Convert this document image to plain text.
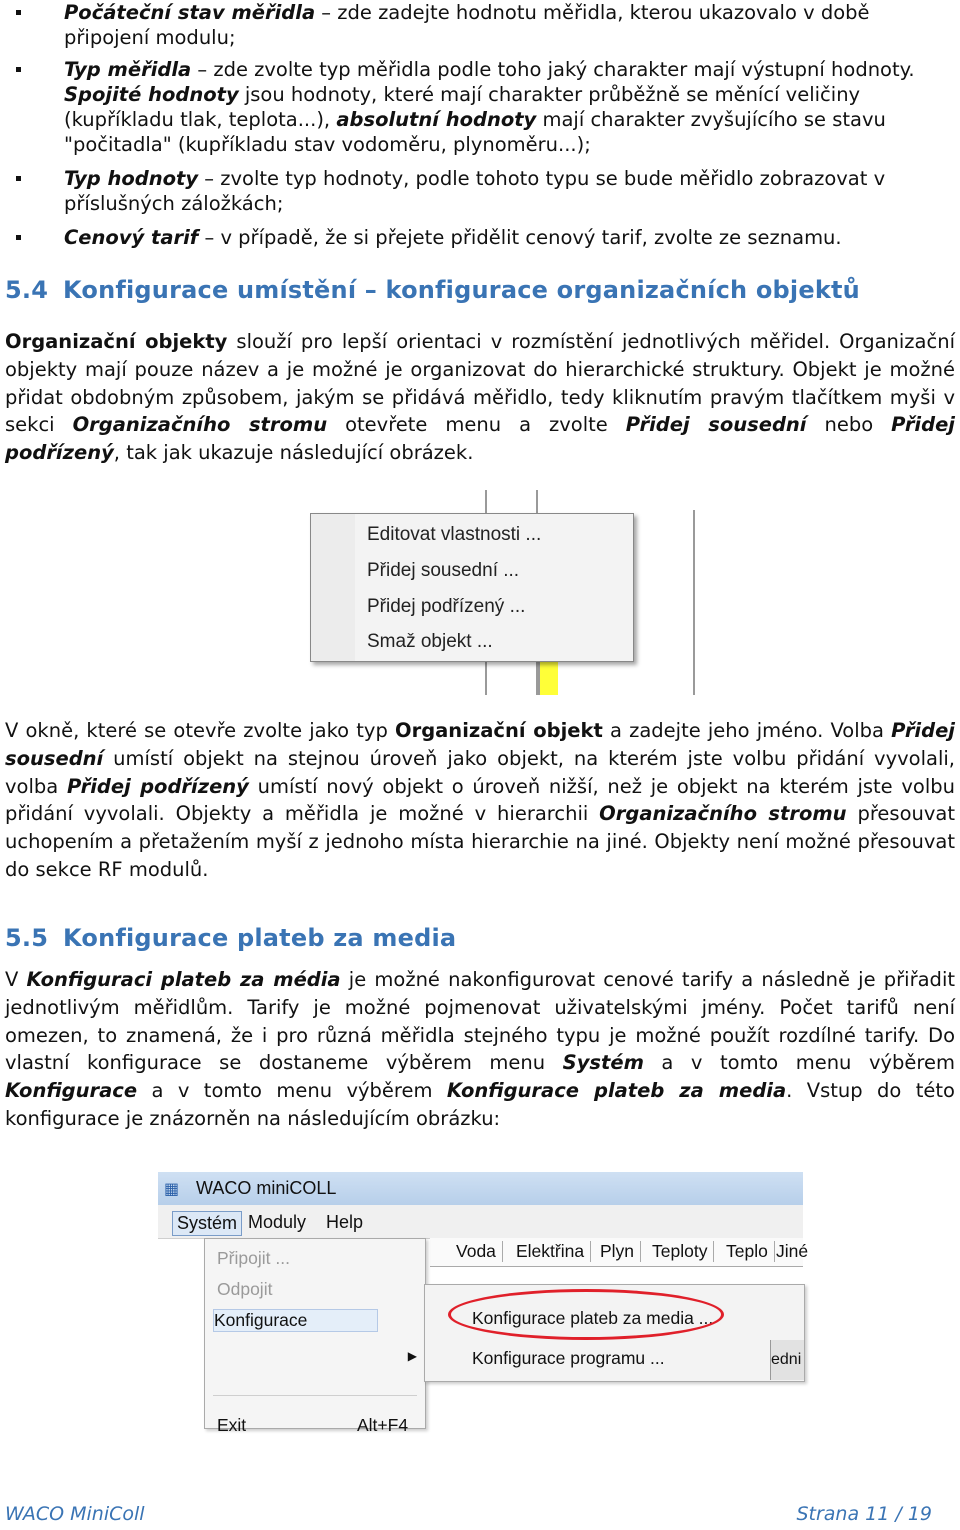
Počáteční stav měřidla – zde zadejte hodnotu měřidla, kterou ukazovalo v době připojení modulu;
Typ měřidla – zde zvolte typ měřidla podle toho jaký charakter mají výstupní hodnoty. Spojité hodnoty jsou hodnoty, které mají charakter průběžně se měnící veličiny (kupříkladu tlak, teplota...), absolutní hodnoty mají charakter zvyšujícího se stavu "počitadla" (kupříkladu stav vodoměru, plynoměru...);
Typ hodnoty – zvolte typ hodnoty, podle tohoto typu se bude měřidlo zobrazovat v příslušných záložkách;
Cenový tarif – v případě, že si přejete přidělit cenový tarif, zvolte ze seznamu.
5.4 Konfigurace umístění – konfigurace organizačních objektů
Organizační objekty slouží pro lepší orientaci v rozmístění jednotlivých měřidel. Organizační objekty mají pouze název a je možné je organizovat do hierarchické struktury. Objekt je možné přidat obdobným způsobem, jakým se přidává měřidlo, tedy kliknutím pravým tlačítkem myši v sekci Organizačního stromu otevřete menu a zvolte Přidej sousední nebo Přidej podřízený, tak jak ukazuje následující obrázek.
Editovat vlastnosti ...
Přidej sousední ...
Přidej podřízený ...
Smaž objekt ...
V okně, které se otevře zvolte jako typ Organizační objekt a zadejte jeho jméno. Volba Přidej sousední umístí objekt na stejnou úroveň jako objekt, na kterém jste volbu přidání vyvolali, volba Přidej podřízený umístí nový objekt o úroveň nižší, než je objekt na kterém jste volbu přidání vyvolali. Objekty a měřidla je možné v hierarchii Organizačního stromu přesouvat uchopením a přetažením myší z jednoho místa hierarchie na jiné. Objekty není možné přesouvat do sekce RF modulů.
5.5 Konfigurace plateb za media
V Konfiguraci plateb za média je možné nakonfigurovat cenové tarify a následně je přiřadit jednotlivým měřidlům. Tarify je možné pojmenovat uživatelskými jmény. Počet tarifů není omezen, to znamená, že i pro různá měřidla stejného typu je možné použít rozdílné tarify. Do vlastní konfigurace se dostaneme výběrem menu Systém a v tomto menu výběrem Konfigurace a v tomto menu výběrem Konfigurace plateb za media. Vstup do této konfigurace je znázorněn na následujícím obrázku:
▦ WACO miniCOLL
Systém Moduly Help
Voda	Elektřina Plyn	Teploty	Teplo Jiné
Připojit ...
Odpojit
Konfigurace
▶
Exit	Alt+F4
Konfigurace plateb za media ...
Konfigurace programu ...	edni
WACO MiniColl	Strana 11 / 19
